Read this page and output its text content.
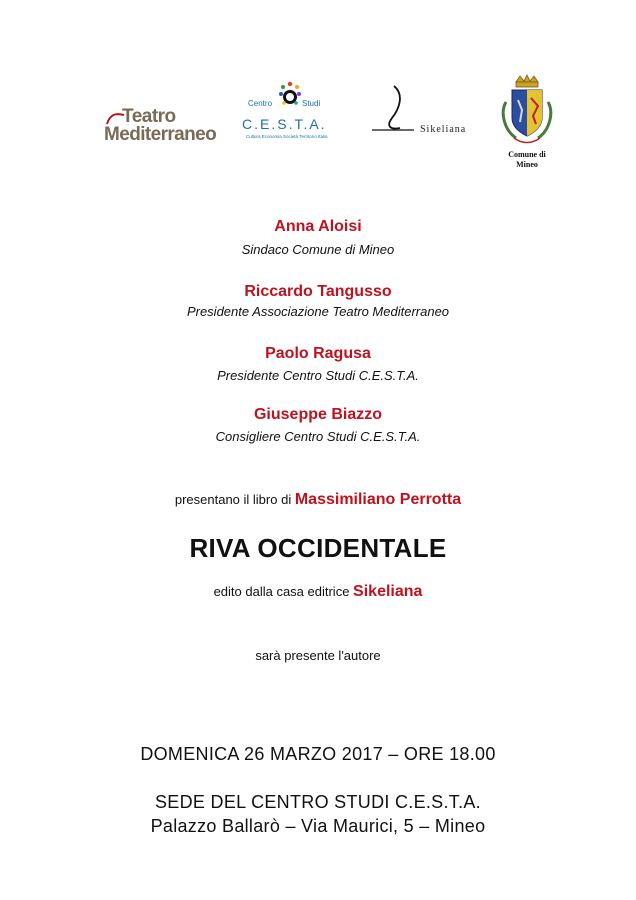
Teatro
Mediterraneo
Centro	Studi
C.E.S.T.A.
Cultura Economia Società Territorio Italia
Sikeliana
Comune di
Mineo
Anna Aloisi
Sindaco Comune di Mineo
Riccardo Tangusso
Presidente Associazione Teatro Mediterraneo
Paolo Ragusa
Presidente Centro Studi C.E.S.T.A.
Giuseppe Biazzo
Consigliere Centro Studi C.E.S.T.A.
presentano il libro di Massimiliano Perrotta
RIVA OCCIDENTALE
edito dalla casa editrice Sikeliana
sarà presente l'autore
DOMENICA 26 MARZO 2017 – ORE 18.00
SEDE DEL CENTRO STUDI C.E.S.T.A.
Palazzo Ballarò – Via Maurici, 5 – Mineo
